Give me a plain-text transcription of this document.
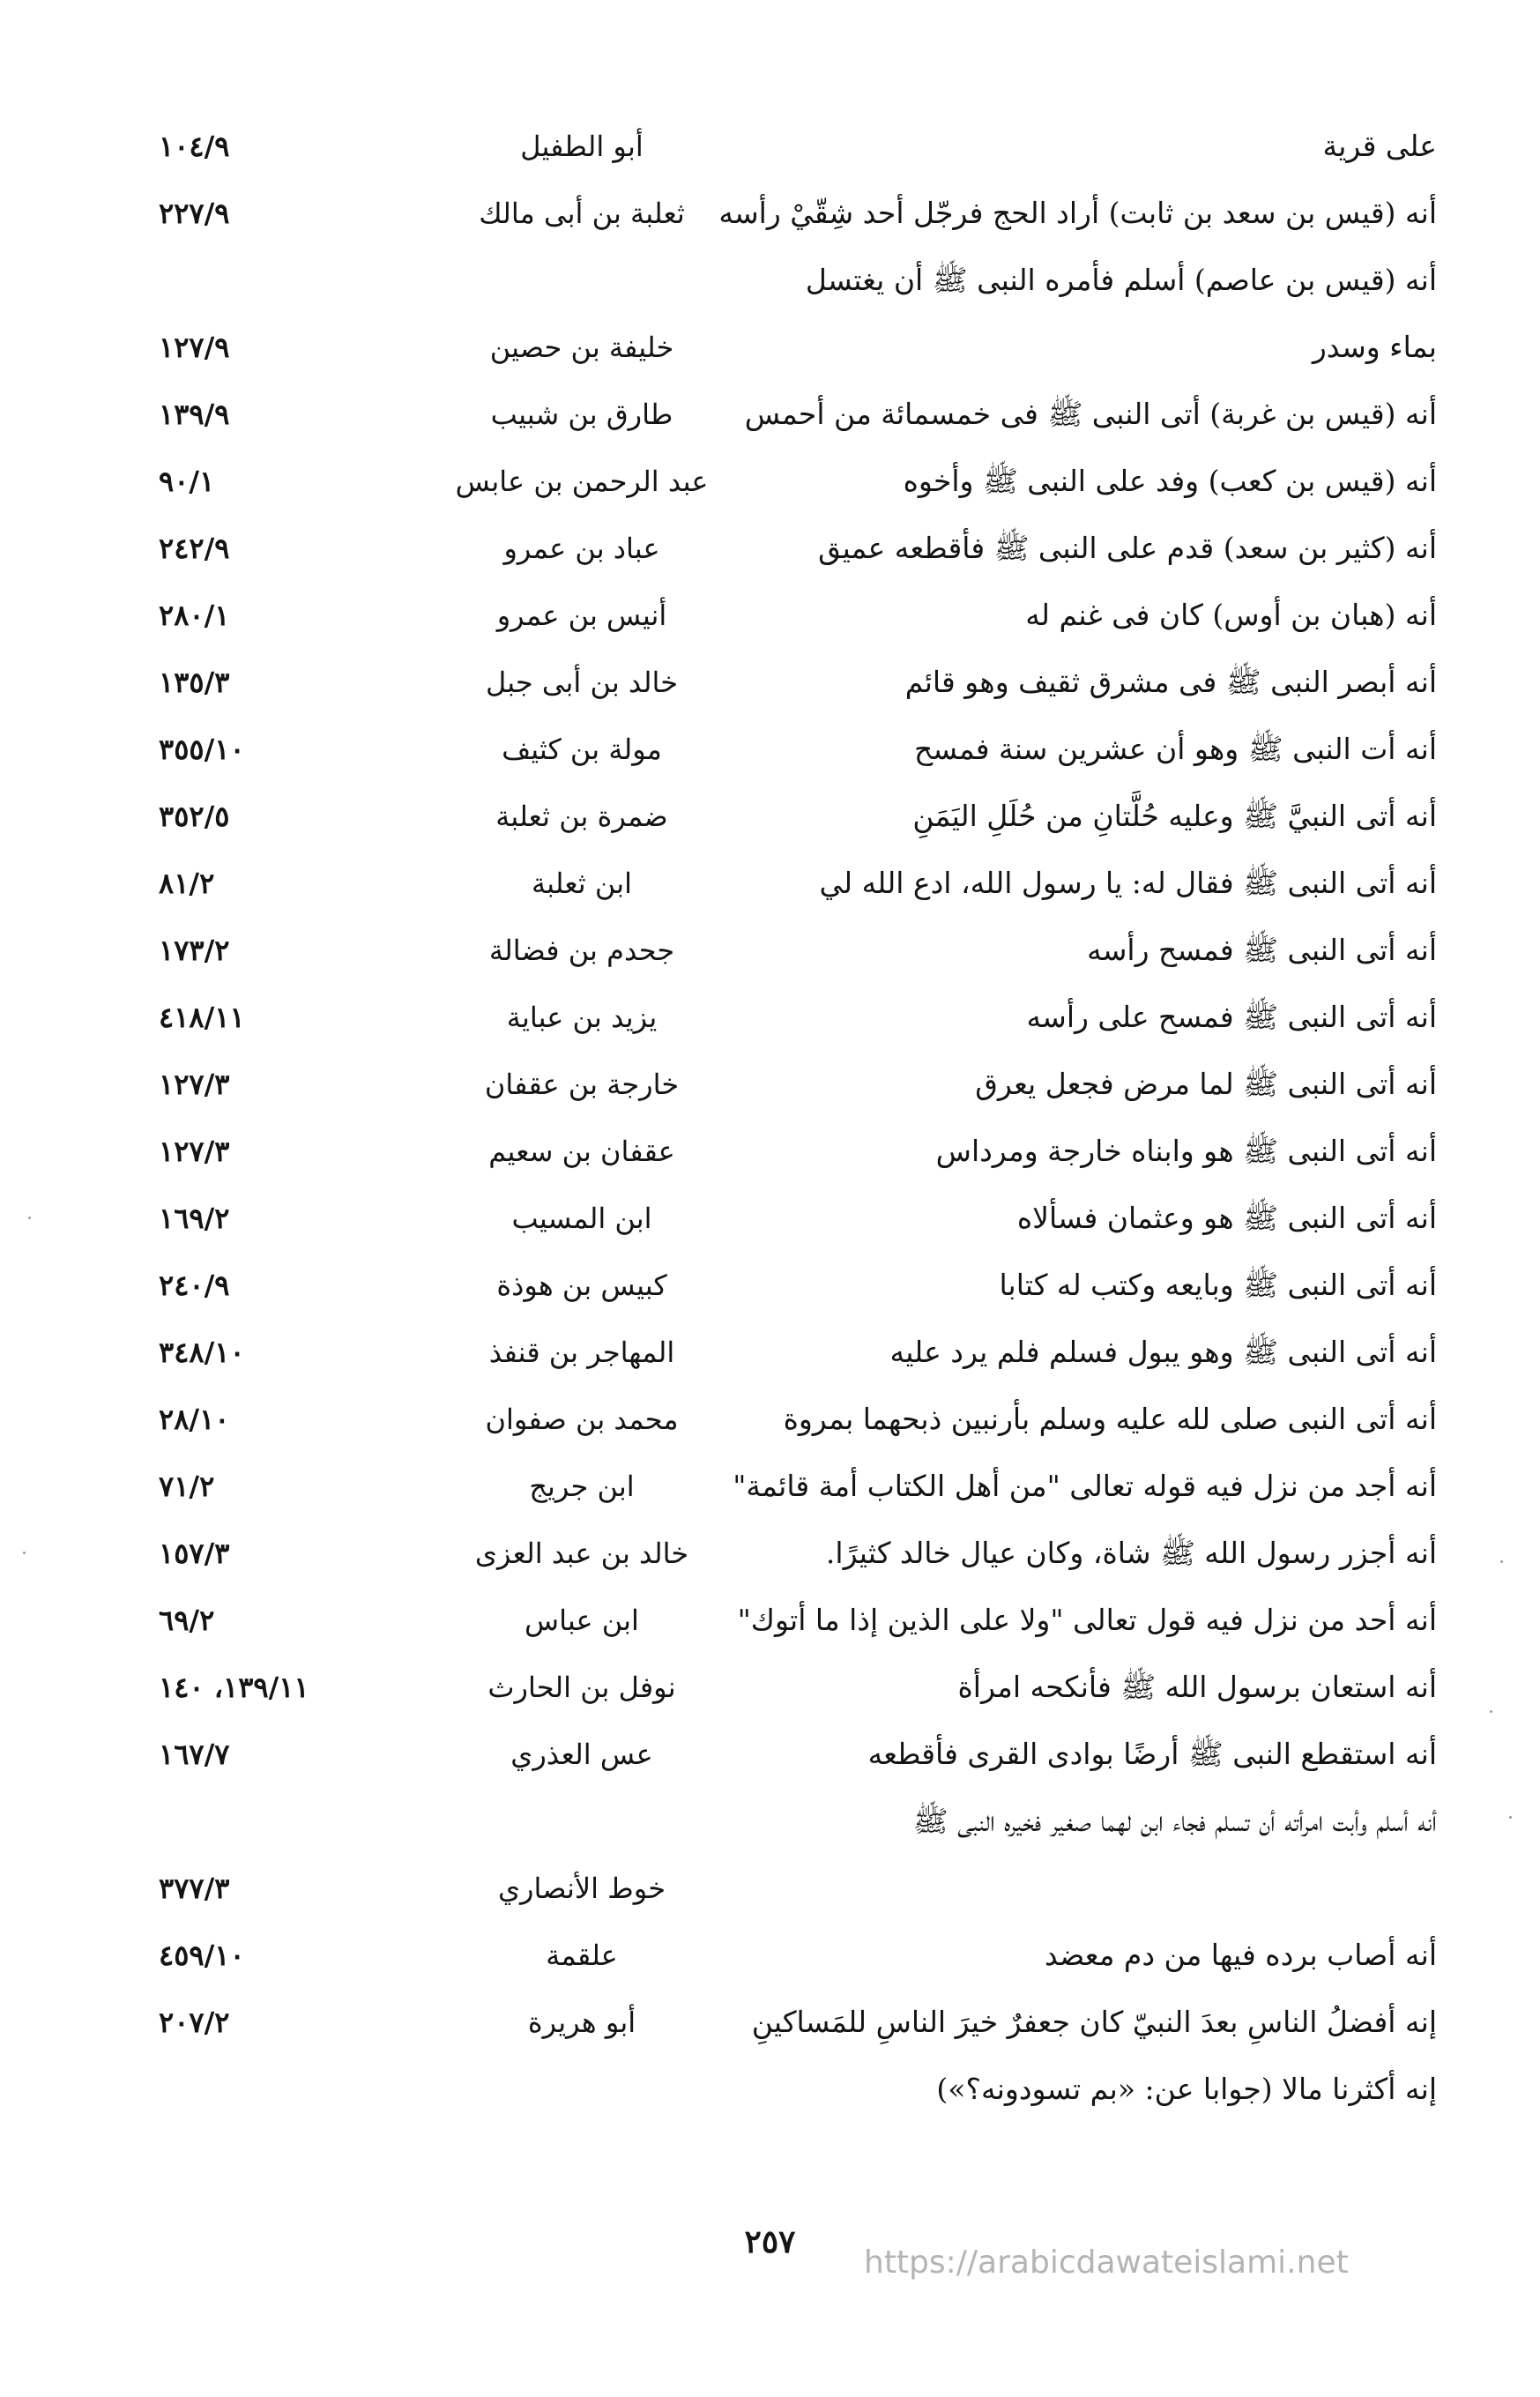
على قرية
أبو الطفيل
١٠٤/٩
أنه (قيس بن سعد بن ثابت) أراد الحج فرجّل أحد شِقّيْ رأسه
ثعلبة بن أبى مالك
٢٢٧/٩
أنه (قيس بن عاصم) أسلم فأمره النبى ﷺ أن يغتسل بماء وسدر
خليفة بن حصين
١٢٧/٩
أنه (قيس بن غربة) أتى النبى ﷺ فى خمسمائة من أحمس
طارق بن شبيب
١٣٩/٩
أنه (قيس بن كعب) وفد على النبى ﷺ وأخوه
عبد الرحمن بن عابس
٩٠/١
أنه (كثير بن سعد) قدم على النبى ﷺ فأقطعه عميق
عباد بن عمرو
٢٤٢/٩
أنه (هبان بن أوس) كان فى غنم له
أنيس بن عمرو
٢٨٠/١
أنه أبصر النبى ﷺ فى مشرق ثقيف وهو قائم
خالد بن أبى جبل
١٣٥/٣
أنه أت النبى ﷺ وهو أن عشرين سنة فمسح
مولة بن كثيف
٣٥٥/١٠
أنه أتى النبيَّ ﷺ وعليه حُلَّتانِ من حُلَلِ اليَمَنِ
ضمرة بن ثعلبة
٣٥٢/٥
أنه أتى النبى ﷺ فقال له: يا رسول الله، ادع الله لي
ابن ثعلبة
٨١/٢
أنه أتى النبى ﷺ فمسح رأسه
جحدم بن فضالة
١٧٣/٢
أنه أتى النبى ﷺ فمسح على رأسه
يزيد بن عباية
٤١٨/١١
أنه أتى النبى ﷺ لما مرض فجعل يعرق
خارجة بن عقفان
١٢٧/٣
أنه أتى النبى ﷺ هو وابناه خارجة ومرداس
عقفان بن سعيم
١٢٧/٣
أنه أتى النبى ﷺ هو وعثمان فسألاه
ابن المسيب
١٦٩/٢
أنه أتى النبى ﷺ وبايعه وكتب له كتابا
كبيس بن هوذة
٢٤٠/٩
أنه أتى النبى ﷺ وهو يبول فسلم فلم يرد عليه
المهاجر بن قنفذ
٣٤٨/١٠
أنه أتى النبى صلى لله عليه وسلم بأرنبين ذبحهما بمروة
محمد بن صفوان
٢٨/١٠
أنه أجد من نزل فيه قوله تعالى "من أهل الكتاب أمة قائمة"
ابن جريج
٧١/٢
أنه أجزر رسول الله ﷺ شاة، وكان عيال خالد كثيرًا.
خالد بن عبد العزى
١٥٧/٣
أنه أحد من نزل فيه قول تعالى "ولا على الذين إذا ما أتوك"
ابن عباس
٦٩/٢
أنه استعان برسول الله ﷺ فأنكحه امرأة
نوفل بن الحارث
١٣٩/١١، ١٤٠
أنه استقطع النبى ﷺ أرضًا بوادى القرى فأقطعه
عس العذري
١٦٧/٧
أنه أسلم وأبت امرأته أن تسلم فجاء ابن لهما صغير فخيره النبى ﷺ
خوط الأنصاري
٣٧٧/٣
أنه أصاب برده فيها من دم معضد
علقمة
٤٥٩/١٠
إنه أفضلُ الناسِ بعدَ النبيّ كان جعفرٌ خيرَ الناسِ للمَساكينِ
أبو هريرة
٢٠٧/٢
إنه أكثرنا مالا (جوابا عن: «بم تسودونه؟»)
٢٥٧
https://arabicdawateislami.net
